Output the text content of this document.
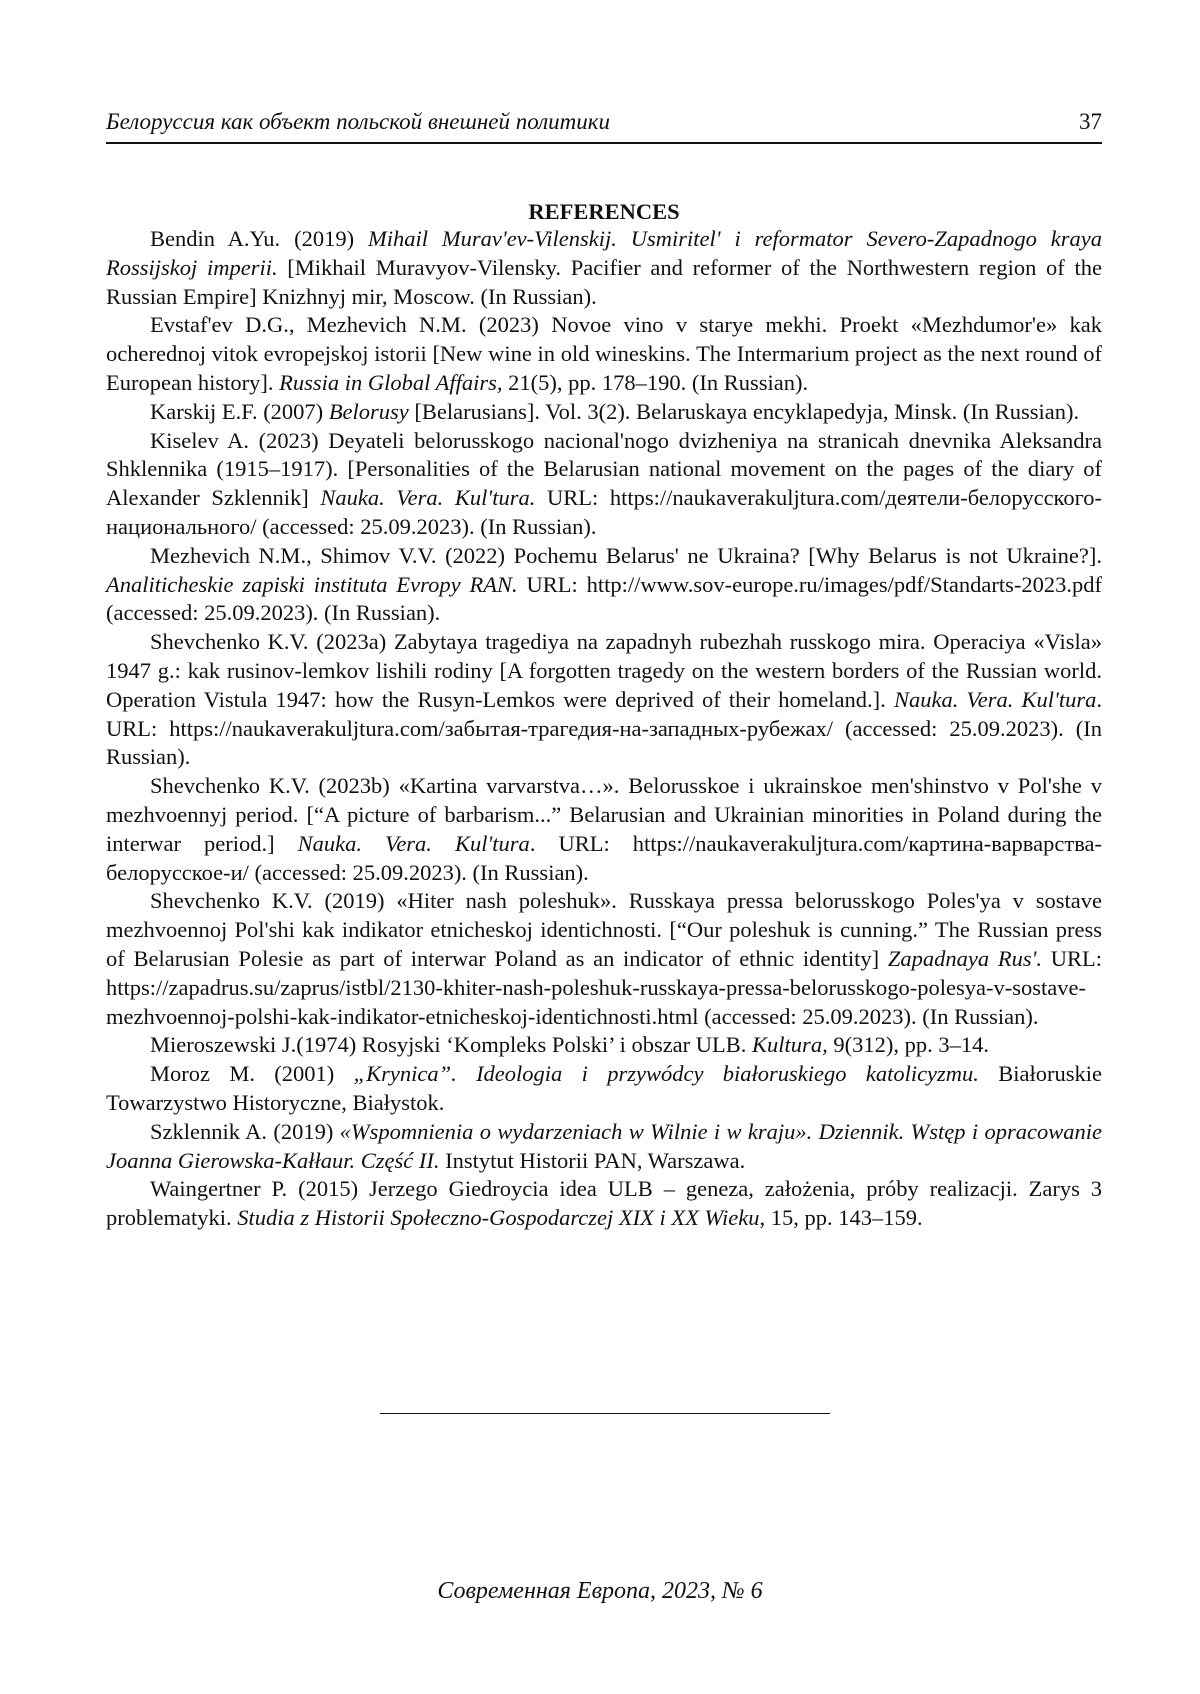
Белоруссия как объект польской внешней политики	37
REFERENCES

Bendin A.Yu. (2019) Mihail Murav'ev-Vilenskij. Usmiritel' i reformator Severo-Zapadnogo kraya Rossijskoj imperii. [Mikhail Muravyov-Vilensky. Pacifier and reformer of the Northwestern region of the Russian Empire] Knizhnyj mir, Moscow. (In Russian).

Evstaf'ev D.G., Mezhevich N.M. (2023) Novoe vino v starye mekhi. Proekt «Mezhdumor'e» kak ocherednoj vitok evropejskoj istorii [New wine in old wineskins. The Intermarium project as the next round of European history]. Russia in Global Affairs, 21(5), pp. 178–190. (In Russian).

Karskij E.F. (2007) Belorusy [Belarusians]. Vol. 3(2). Belaruskaya encyklapedyja, Minsk. (In Russian).

Kiselev A. (2023) Deyateli belorusskogo nacional'nogo dvizheniya na stranicah dnevnika Aleksandra Shklennika (1915–1917). [Personalities of the Belarusian national movement on the pages of the diary of Alexander Szklennik] Nauka. Vera. Kul'tura. URL: https://naukaverakuljtura.com/деятели-белорусского-национального/ (accessed: 25.09.2023). (In Russian).

Mezhevich N.M., Shimov V.V. (2022) Pochemu Belarus' ne Ukraina? [Why Belarus is not Ukraine?]. Analiticheskie zapiski instituta Evropy RAN. URL: http://www.sov-europe.ru/images/pdf/Standarts-2023.pdf (accessed: 25.09.2023). (In Russian).

Shevchenko K.V. (2023a) Zabytaya tragediya na zapadnyh rubezhah russkogo mira. Operaciya «Visla» 1947 g.: kak rusinov-lemkov lishili rodiny [A forgotten tragedy on the western borders of the Russian world. Operation Vistula 1947: how the Rusyn-Lemkos were deprived of their homeland.]. Nauka. Vera. Kul'tura. URL: https://naukaverakuljtura.com/забытая-трагедия-на-западных-рубежах/ (accessed: 25.09.2023). (In Russian).

Shevchenko K.V. (2023b) «Kartina varvarstva…». Belorusskoe i ukrainskoe men'shinstvo v Pol'she v mezhvoennyj period. [“A picture of barbarism...” Belarusian and Ukrainian minorities in Poland during the interwar period.] Nauka. Vera. Kul'tura. URL: https://naukaverakuljtura.com/картина-варварства-белорусское-и/ (accessed: 25.09.2023). (In Russian).

Shevchenko K.V. (2019) «Hiter nash poleshuk». Russkaya pressa belorusskogo Poles'ya v sostave mezhvoennoj Pol'shi kak indikator etnicheskoj identichnosti. [“Our poleshuk is cunning.” The Russian press of Belarusian Polesie as part of interwar Poland as an indicator of ethnic identity] Zapadnaya Rus'. URL: https://zapadrus.su/zaprus/istbl/2130-khiter-nash-poleshuk-russkaya-pressa-belorusskogo-polesya-v-sostave-mezhvoennoj-polshi-kak-indikator-etnicheskoj-identichnosti.html (accessed: 25.09.2023). (In Russian).

Mieroszewski J.(1974) Rosyjski ‘Kompleks Polski’ i obszar ULB. Kultura, 9(312), pp. 3–14.

Moroz M. (2001) „Krynica”. Ideologia i przywódcy białoruskiego katolicyzmu. Białoruskie Towarzystwo Historyczne, Białystok.

Szklennik A. (2019) «Wspomnienia o wydarzeniach w Wilnie i w kraju». Dziennik. Wstęp i opracowanie Joanna Gierowska-Kałłaur. Część II. Instytut Historii PAN, Warszawa.

Waingertner P. (2015) Jerzego Giedroycia idea ULB – geneza, założenia, próby realizacji. Zarys 3 problematyki. Studia z Historii Społeczno-Gospodarczej XIX i XX Wieku, 15, pp. 143–159.

Современная Европа, 2023, № 6
